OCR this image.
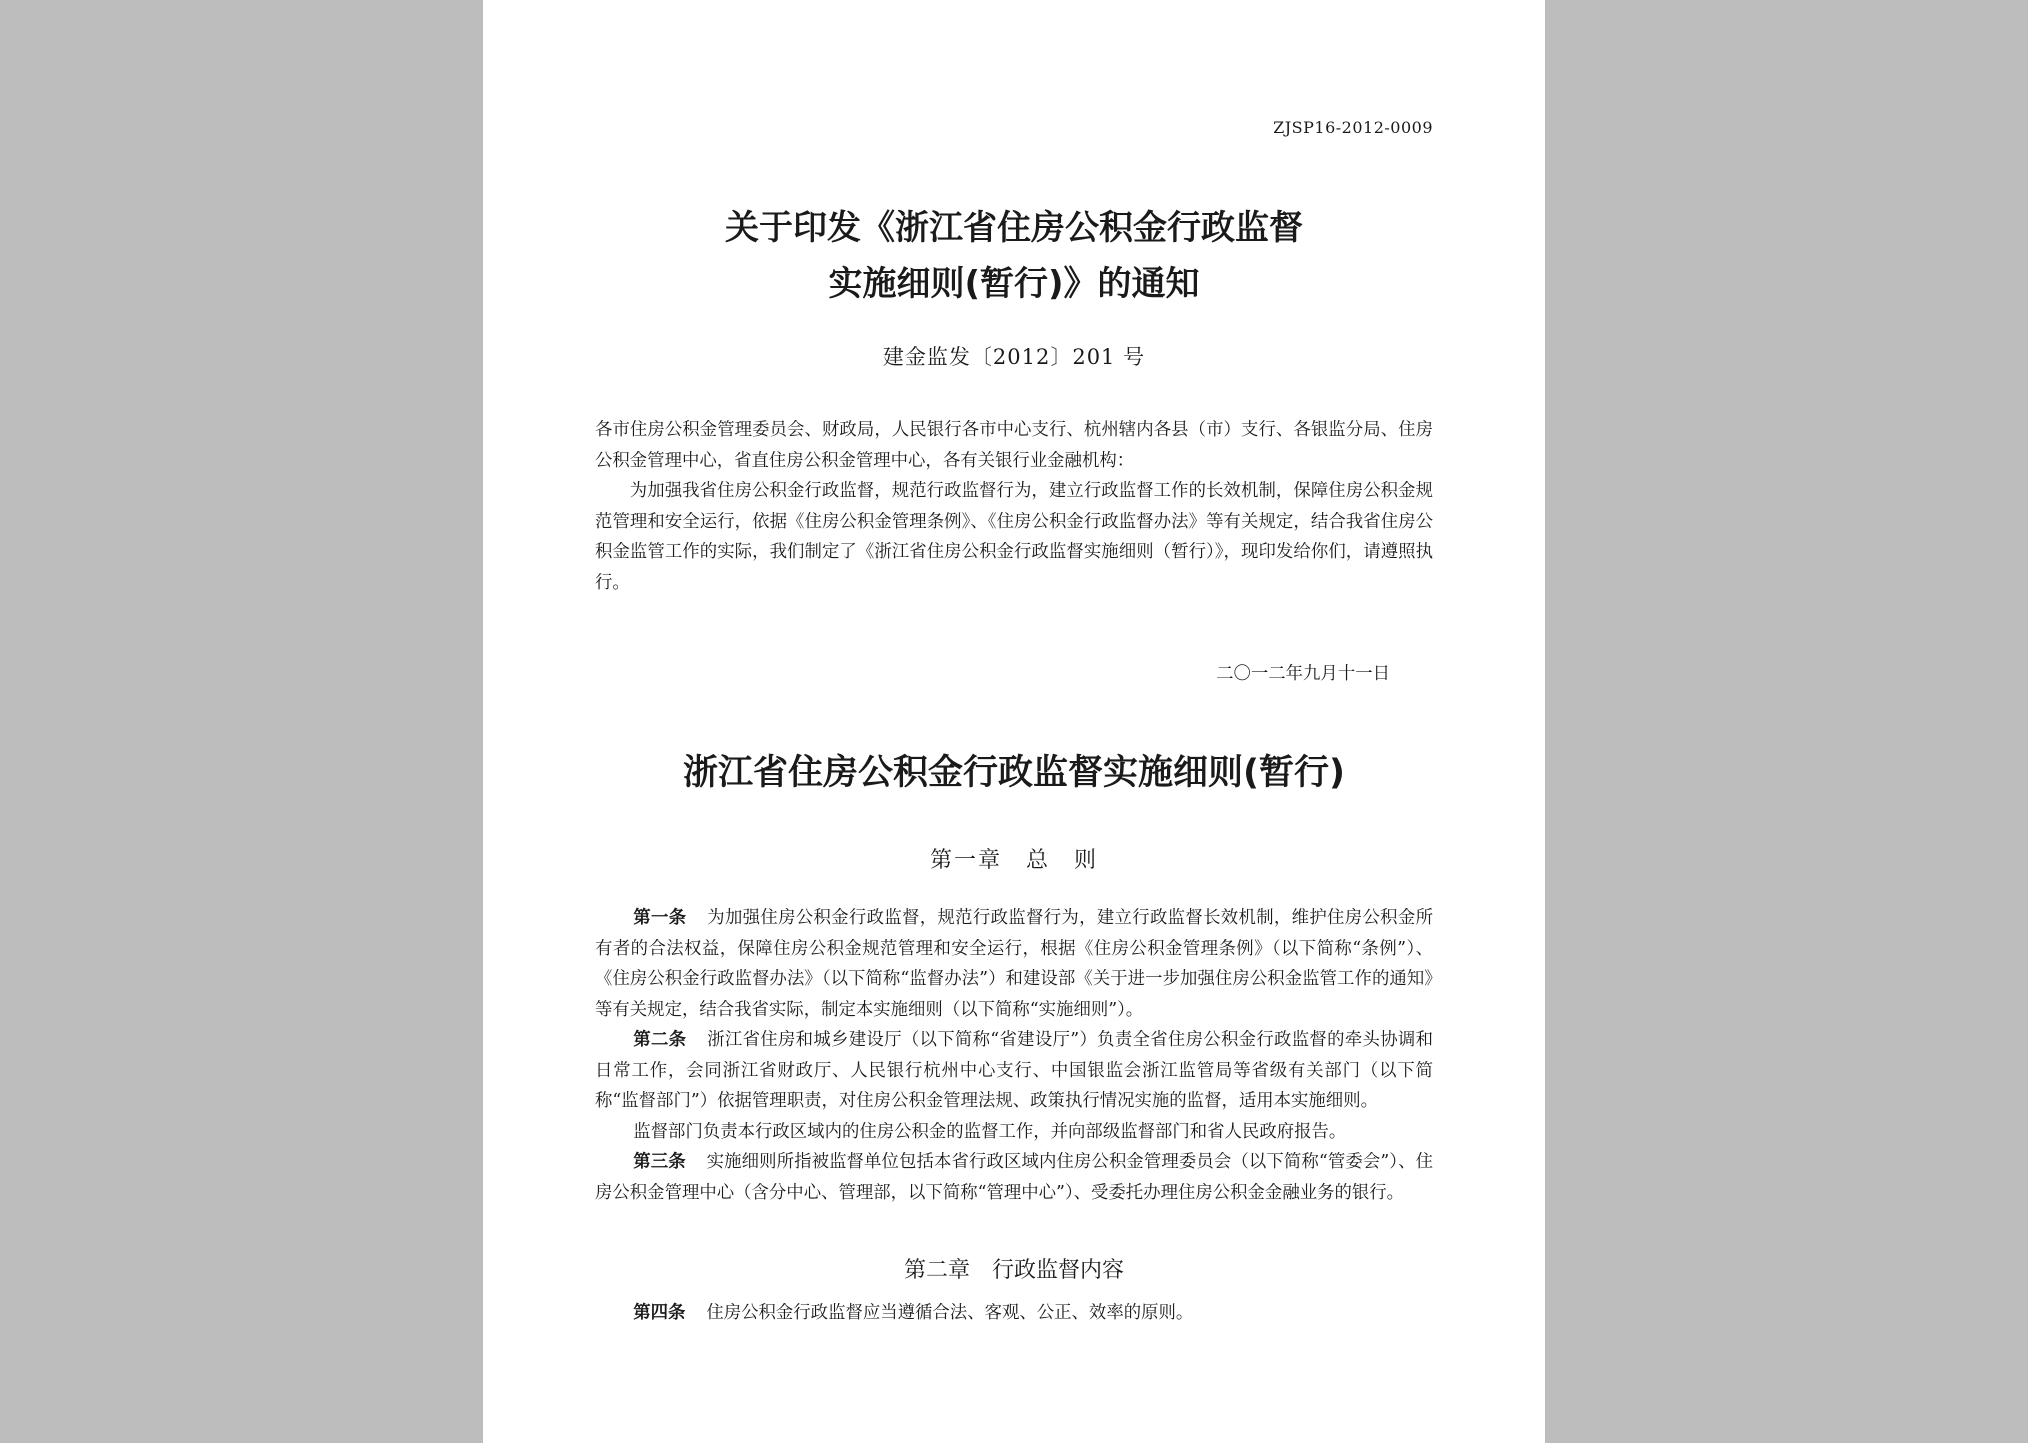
ZJSP16-2012-0009
关于印发《浙江省住房公积金行政监督
实施细则(暂行)》的通知
建金监发〔2012〕201 号

各市住房公积金管理委员会、财政局，人民银行各市中心支行、杭州辖内各县（市）支行、各银监分局、住房公积金管理中心，省直住房公积金管理中心，各有关银行业金融机构：

为加强我省住房公积金行政监督，规范行政监督行为，建立行政监督工作的长效机制，保障住房公积金规范管理和安全运行，依据《住房公积金管理条例》、《住房公积金行政监督办法》等有关规定，结合我省住房公积金监管工作的实际，我们制定了《浙江省住房公积金行政监督实施细则（暂行）》，现印发给你们，请遵照执行。

二〇一二年九月十一日
浙江省住房公积金行政监督实施细则(暂行)
第一章　总　则

第一条 为加强住房公积金行政监督，规范行政监督行为，建立行政监督长效机制，维护住房公积金所有者的合法权益，保障住房公积金规范管理和安全运行，根据《住房公积金管理条例》（以下简称“条例”）、《住房公积金行政监督办法》（以下简称“监督办法”）和建设部《关于进一步加强住房公积金监管工作的通知》等有关规定，结合我省实际，制定本实施细则（以下简称“实施细则”）。

第二条 浙江省住房和城乡建设厅（以下简称“省建设厅”）负责全省住房公积金行政监督的牵头协调和日常工作，会同浙江省财政厅、人民银行杭州中心支行、中国银监会浙江监管局等省级有关部门（以下简称“监督部门”）依据管理职责，对住房公积金管理法规、政策执行情况实施的监督，适用本实施细则。

监督部门负责本行政区域内的住房公积金的监督工作，并向部级监督部门和省人民政府报告。

第三条 实施细则所指被监督单位包括本省行政区域内住房公积金管理委员会（以下简称“管委会”）、住房公积金管理中心（含分中心、管理部，以下简称“管理中心”）、受委托办理住房公积金金融业务的银行。

第二章　行政监督内容

第四条 住房公积金行政监督应当遵循合法、客观、公正、效率的原则。
